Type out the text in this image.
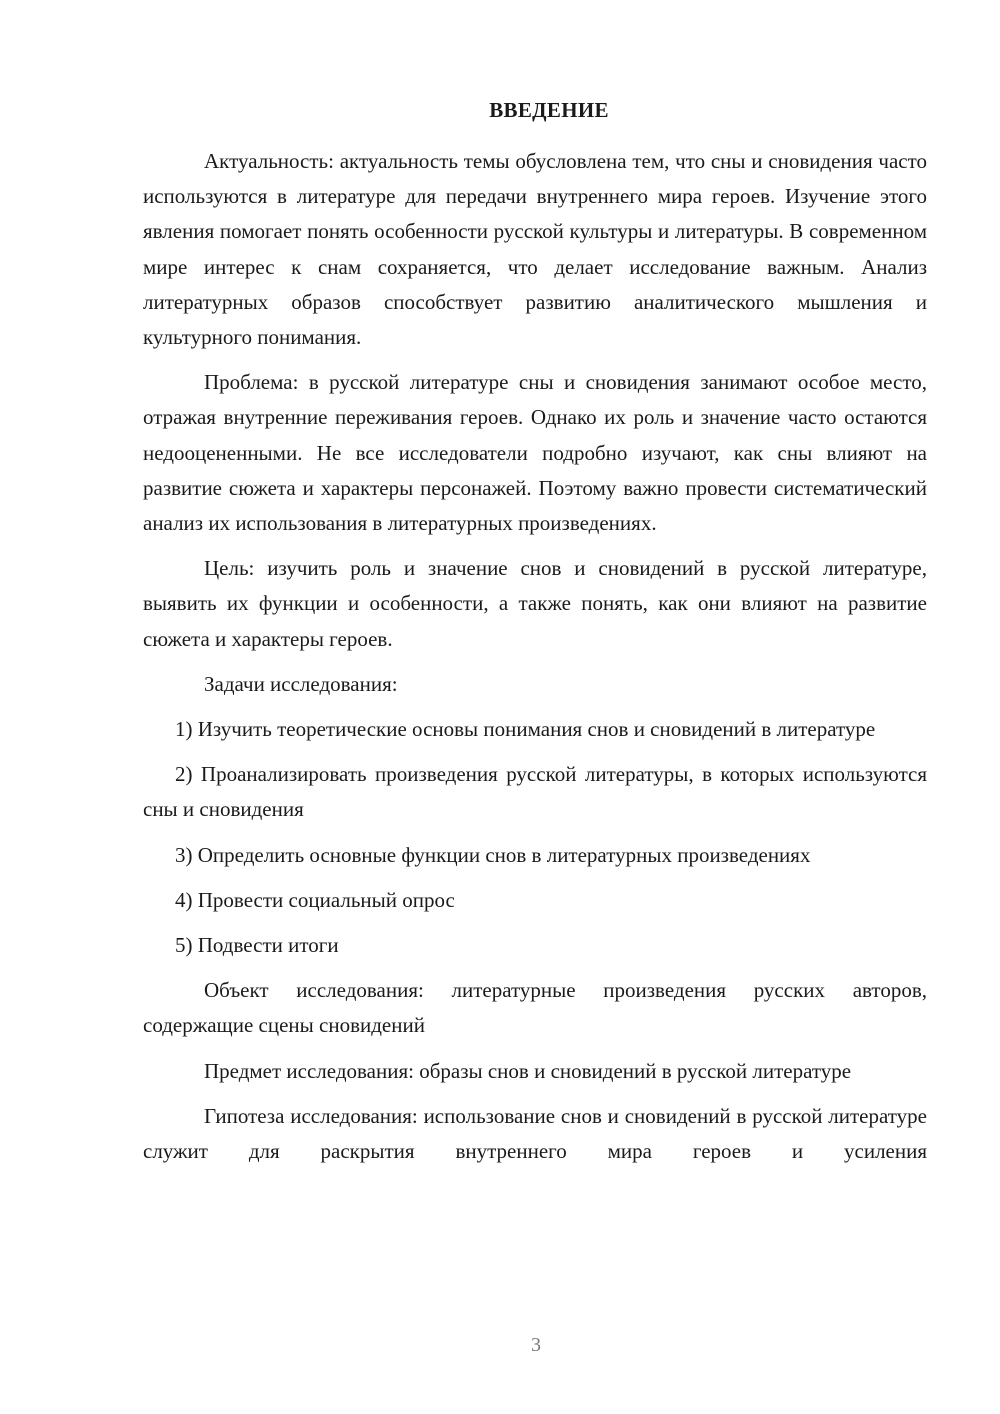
ВВЕДЕНИЕ

Актуальность: актуальность темы обусловлена тем, что сны и сновидения часто используются в литературе для передачи внутреннего мира героев. Изучение этого явления помогает понять особенности русской культуры и литературы. В современном мире интерес к снам сохраняется, что делает исследование важным. Анализ литературных образов способствует развитию аналитического мышления и культурного понимания.

Проблема: в русской литературе сны и сновидения занимают особое место, отражая внутренние переживания героев. Однако их роль и значение часто остаются недооцененными. Не все исследователи подробно изучают, как сны влияют на развитие сюжета и характеры персонажей. Поэтому важно провести систематический анализ их использования в литературных произведениях.

Цель: изучить роль и значение снов и сновидений в русской литературе, выявить их функции и особенности, а также понять, как они влияют на развитие сюжета и характеры героев.

Задачи исследования:

1) Изучить теоретические основы понимания снов и сновидений в литературе

2) Проанализировать произведения русской литературы, в которых используются сны и сновидения

3) Определить основные функции снов в литературных произведениях

4) Провести социальный опрос

5) Подвести итоги

Объект исследования: литературные произведения русских авторов, содержащие сцены сновидений

Предмет исследования: образы снов и сновидений в русской литературе

Гипотеза исследования: использование снов и сновидений в русской литературе служит для раскрытия внутреннего мира героев и усиления

3
